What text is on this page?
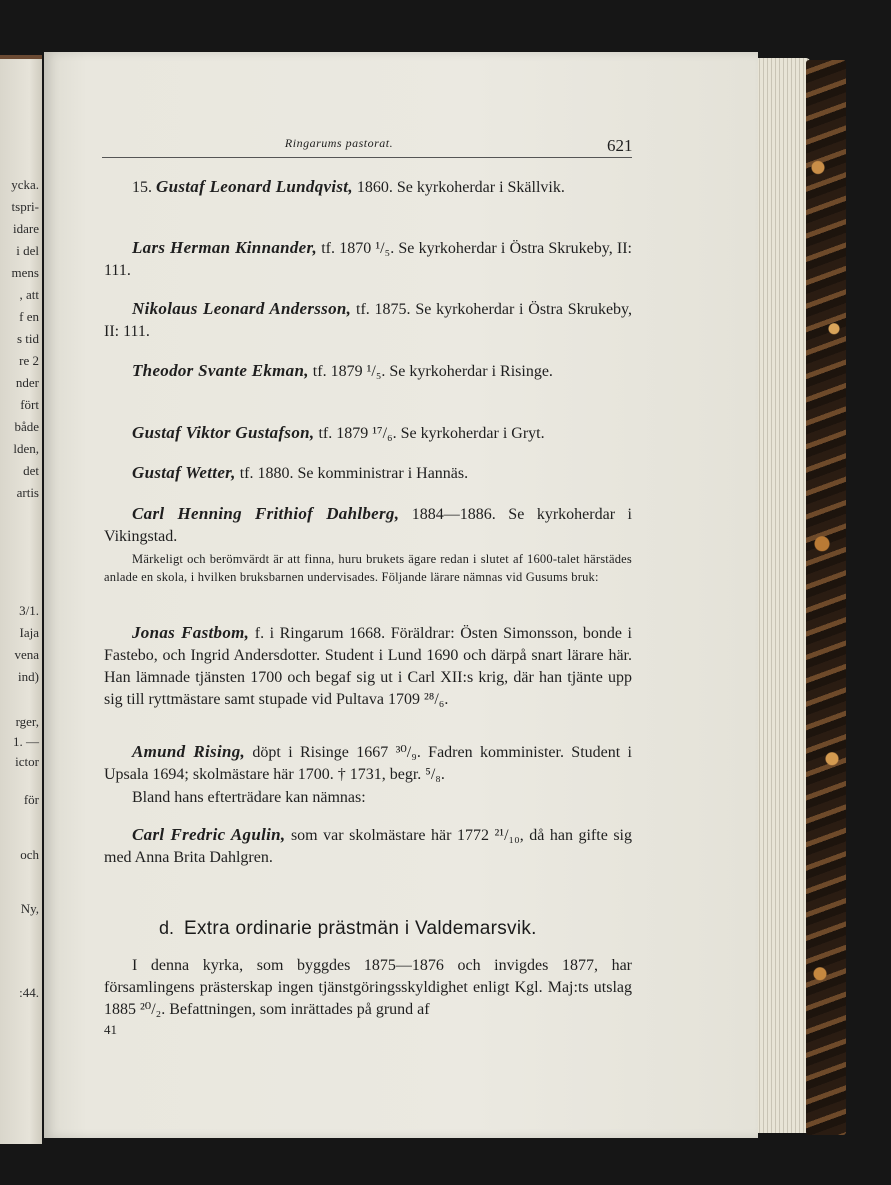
ycka.
tspri-
idare
i del
mens
, att
f en
s tid
re 2
nder
fört
både
lden,
det
artis
3/1.
Iaja
vena
ind)
rger,
1. —
ictor
för
och
Ny,
:44.
Ringarums pastorat.	621
15. Gustaf Leonard Lundqvist, 1860. Se kyrkoherdar i Skällvik.
Lars Herman Kinnander, tf. 1870 ¹/₅. Se kyrkoherdar i Östra Skrukeby, II: 111.
Nikolaus Leonard Andersson, tf. 1875. Se kyrkoherdar i Östra Skrukeby, II: 111.
Theodor Svante Ekman, tf. 1879 ¹/₅. Se kyrkoherdar i Risinge.
Gustaf Viktor Gustafson, tf. 1879 ¹⁷/₆. Se kyrkoherdar i Gryt.
Gustaf Wetter, tf. 1880. Se komministrar i Hannäs.
Carl Henning Frithiof Dahlberg, 1884—1886. Se kyrkoherdar i Vikingstad.
Märkeligt och berömvärdt är att finna, huru brukets ägare redan i slutet af 1600-talet härstädes anlade en skola, i hvilken bruksbarnen undervisades. Följande lärare nämnas vid Gusums bruk:
Jonas Fastbom, f. i Ringarum 1668. Föräldrar: Östen Simonsson, bonde i Fastebo, och Ingrid Andersdotter. Student i Lund 1690 och därpå snart lärare här. Han lämnade tjänsten 1700 och begaf sig ut i Carl XII:s krig, där han tjänte upp sig till ryttmästare samt stupade vid Pultava 1709 ²⁸/₆.
Amund Rising, döpt i Risinge 1667 ³⁰/₉. Fadren komminister. Student i Upsala 1694; skolmästare här 1700. † 1731, begr. ⁵/₈.
Bland hans efterträdare kan nämnas:
Carl Fredric Agulin, som var skolmästare här 1772 ²¹/₁₀, då han gifte sig med Anna Brita Dahlgren.
d. Extra ordinarie prästmän i Valdemarsvik.
I denna kyrka, som byggdes 1875—1876 och invigdes 1877, har församlingens prästerskap ingen tjänstgöringsskyldighet enligt Kgl. Maj:ts utslag 1885 ²⁰/₂. Befattningen, som inrättades på grund af
41
